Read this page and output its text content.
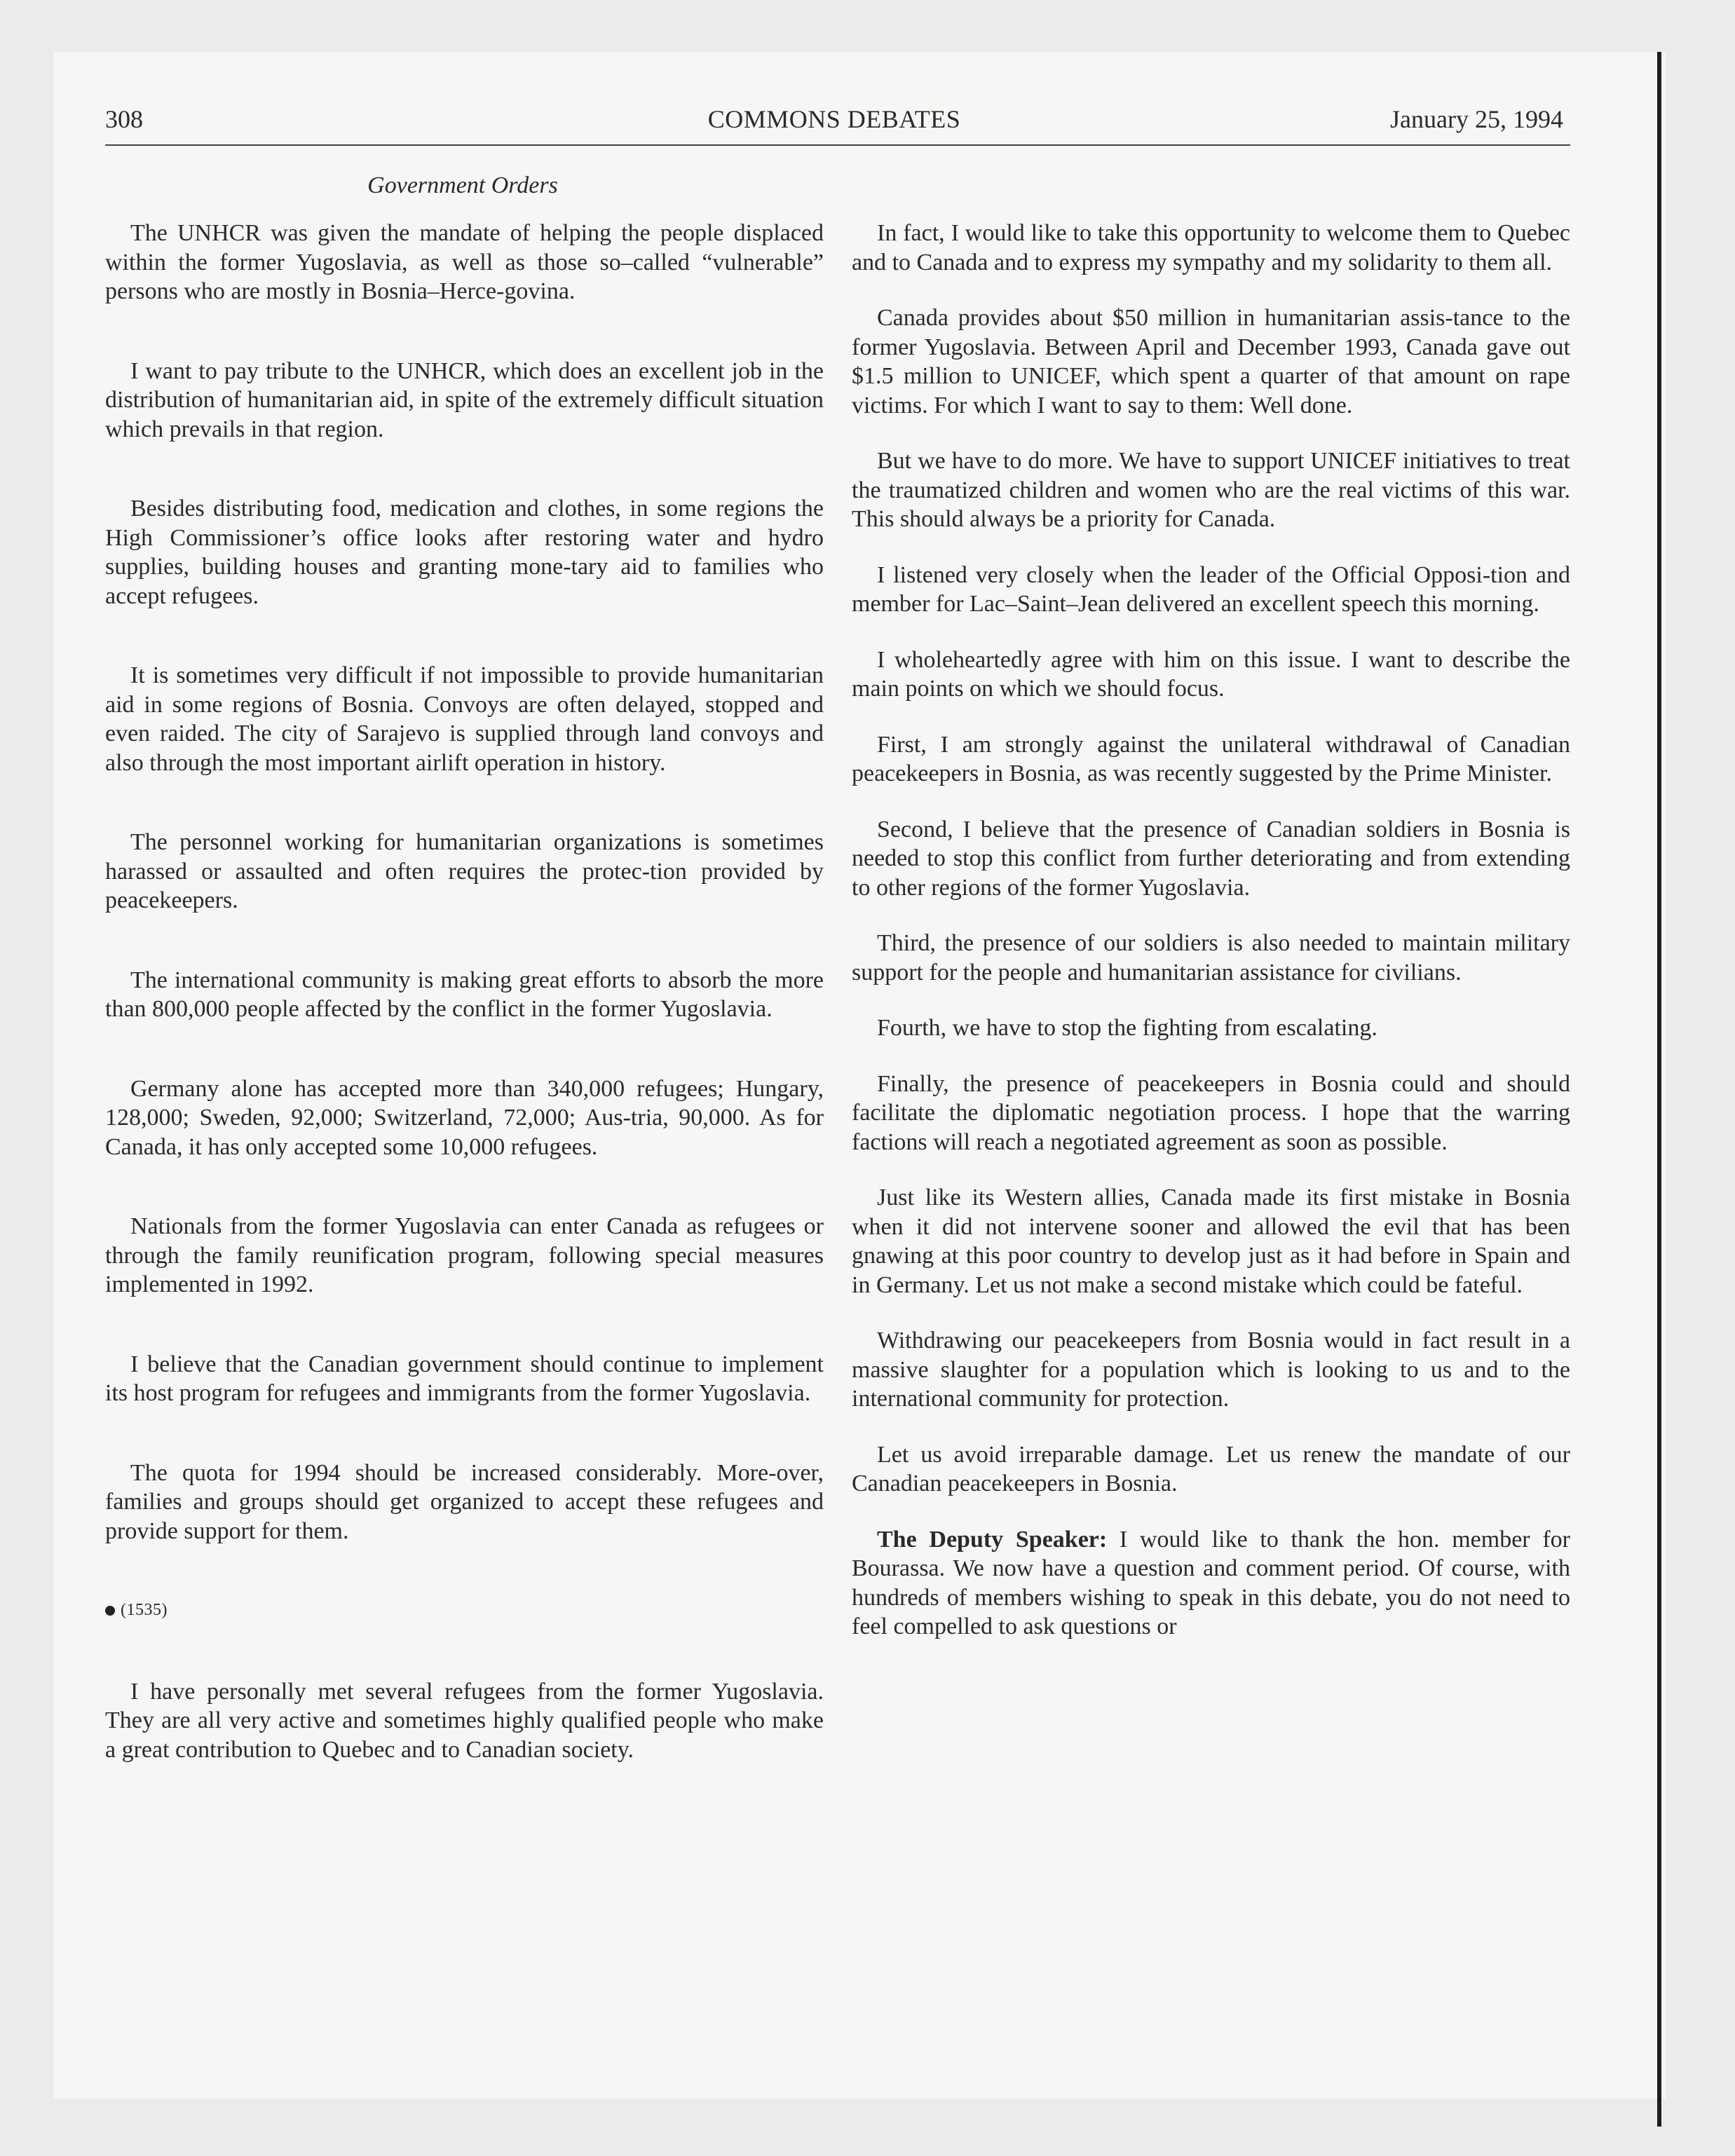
308	COMMONS DEBATES	January 25, 1994
Government Orders

The UNHCR was given the mandate of helping the people displaced within the former Yugoslavia, as well as those so–called “vulnerable” persons who are mostly in Bosnia–Herce-govina.

I want to pay tribute to the UNHCR, which does an excellent job in the distribution of humanitarian aid, in spite of the extremely difficult situation which prevails in that region.

Besides distributing food, medication and clothes, in some regions the High Commissioner’s office looks after restoring water and hydro supplies, building houses and granting mone-tary aid to families who accept refugees.

It is sometimes very difficult if not impossible to provide humanitarian aid in some regions of Bosnia. Convoys are often delayed, stopped and even raided. The city of Sarajevo is supplied through land convoys and also through the most important airlift operation in history.

The personnel working for humanitarian organizations is sometimes harassed or assaulted and often requires the protec-tion provided by peacekeepers.

The international community is making great efforts to absorb the more than 800,000 people affected by the conflict in the former Yugoslavia.

Germany alone has accepted more than 340,000 refugees; Hungary, 128,000; Sweden, 92,000; Switzerland, 72,000; Aus-tria, 90,000. As for Canada, it has only accepted some 10,000 refugees.

Nationals from the former Yugoslavia can enter Canada as refugees or through the family reunification program, following special measures implemented in 1992.

I believe that the Canadian government should continue to implement its host program for refugees and immigrants from the former Yugoslavia.

The quota for 1994 should be increased considerably. More-over, families and groups should get organized to accept these refugees and provide support for them.

(1535)

I have personally met several refugees from the former Yugoslavia. They are all very active and sometimes highly qualified people who make a great contribution to Quebec and to Canadian society.

In fact, I would like to take this opportunity to welcome them to Quebec and to Canada and to express my sympathy and my solidarity to them all.

Canada provides about $50 million in humanitarian assis-tance to the former Yugoslavia. Between April and December 1993, Canada gave out $1.5 million to UNICEF, which spent a quarter of that amount on rape victims. For which I want to say to them: Well done.

But we have to do more. We have to support UNICEF initiatives to treat the traumatized children and women who are the real victims of this war. This should always be a priority for Canada.

I listened very closely when the leader of the Official Opposi-tion and member for Lac–Saint–Jean delivered an excellent speech this morning.

I wholeheartedly agree with him on this issue. I want to describe the main points on which we should focus.

First, I am strongly against the unilateral withdrawal of Canadian peacekeepers in Bosnia, as was recently suggested by the Prime Minister.

Second, I believe that the presence of Canadian soldiers in Bosnia is needed to stop this conflict from further deteriorating and from extending to other regions of the former Yugoslavia.

Third, the presence of our soldiers is also needed to maintain military support for the people and humanitarian assistance for civilians.

Fourth, we have to stop the fighting from escalating.

Finally, the presence of peacekeepers in Bosnia could and should facilitate the diplomatic negotiation process. I hope that the warring factions will reach a negotiated agreement as soon as possible.

Just like its Western allies, Canada made its first mistake in Bosnia when it did not intervene sooner and allowed the evil that has been gnawing at this poor country to develop just as it had before in Spain and in Germany. Let us not make a second mistake which could be fateful.

Withdrawing our peacekeepers from Bosnia would in fact result in a massive slaughter for a population which is looking to us and to the international community for protection.

Let us avoid irreparable damage. Let us renew the mandate of our Canadian peacekeepers in Bosnia.

The Deputy Speaker: I would like to thank the hon. member for Bourassa. We now have a question and comment period. Of course, with hundreds of members wishing to speak in this debate, you do not need to feel compelled to ask questions or
